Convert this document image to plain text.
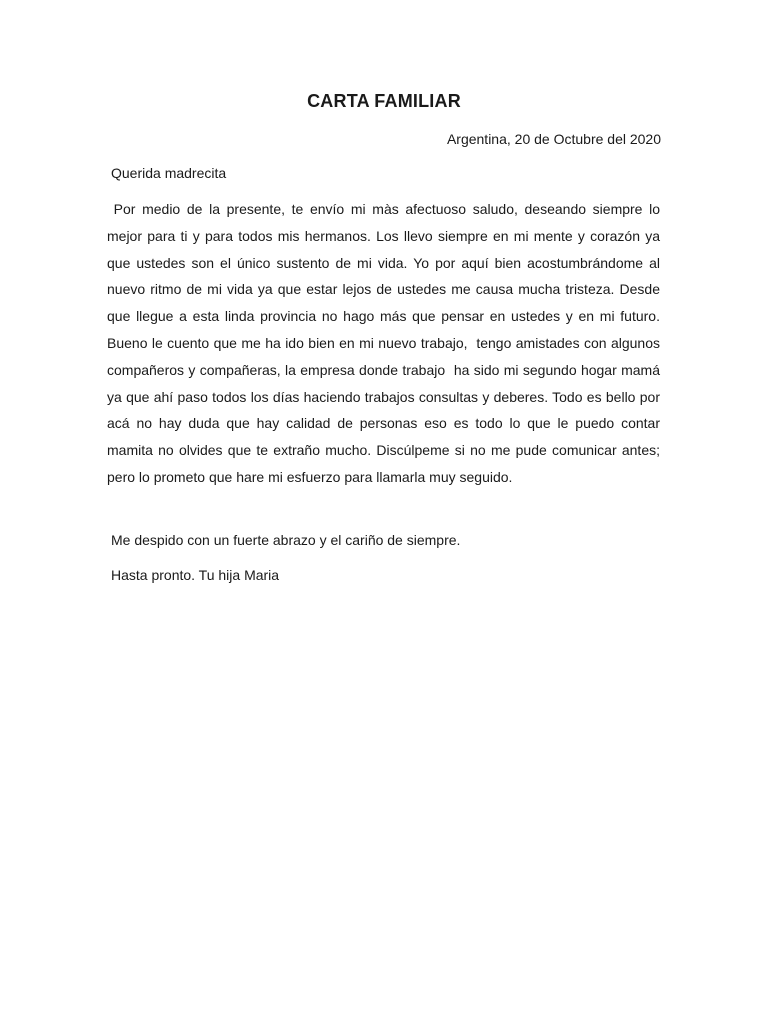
CARTA FAMILIAR
Argentina, 20 de Octubre del 2020
Querida madrecita
Por medio de la presente, te envío mi màs afectuoso saludo, deseando siempre lo mejor para ti y para todos mis hermanos. Los llevo siempre en mi mente y corazón ya que ustedes son el único sustento de mi vida. Yo por aquí bien acostumbrándome al nuevo ritmo de mi vida ya que estar lejos de ustedes me causa mucha tristeza. Desde que llegue a esta linda provincia no hago más que pensar en ustedes y en mi futuro. Bueno le cuento que me ha ido bien en mi nuevo trabajo,  tengo amistades con algunos compañeros y compañeras, la empresa donde trabajo  ha sido mi segundo hogar mamá ya que ahí paso todos los días haciendo trabajos consultas y deberes. Todo es bello por acá no hay duda que hay calidad de personas eso es todo lo que le puedo contar mamita no olvides que te extraño mucho. Discúlpeme si no me pude comunicar antes; pero lo prometo que hare mi esfuerzo para llamarla muy seguido.
Me despido con un fuerte abrazo y el cariño de siempre.
Hasta pronto. Tu hija Maria
